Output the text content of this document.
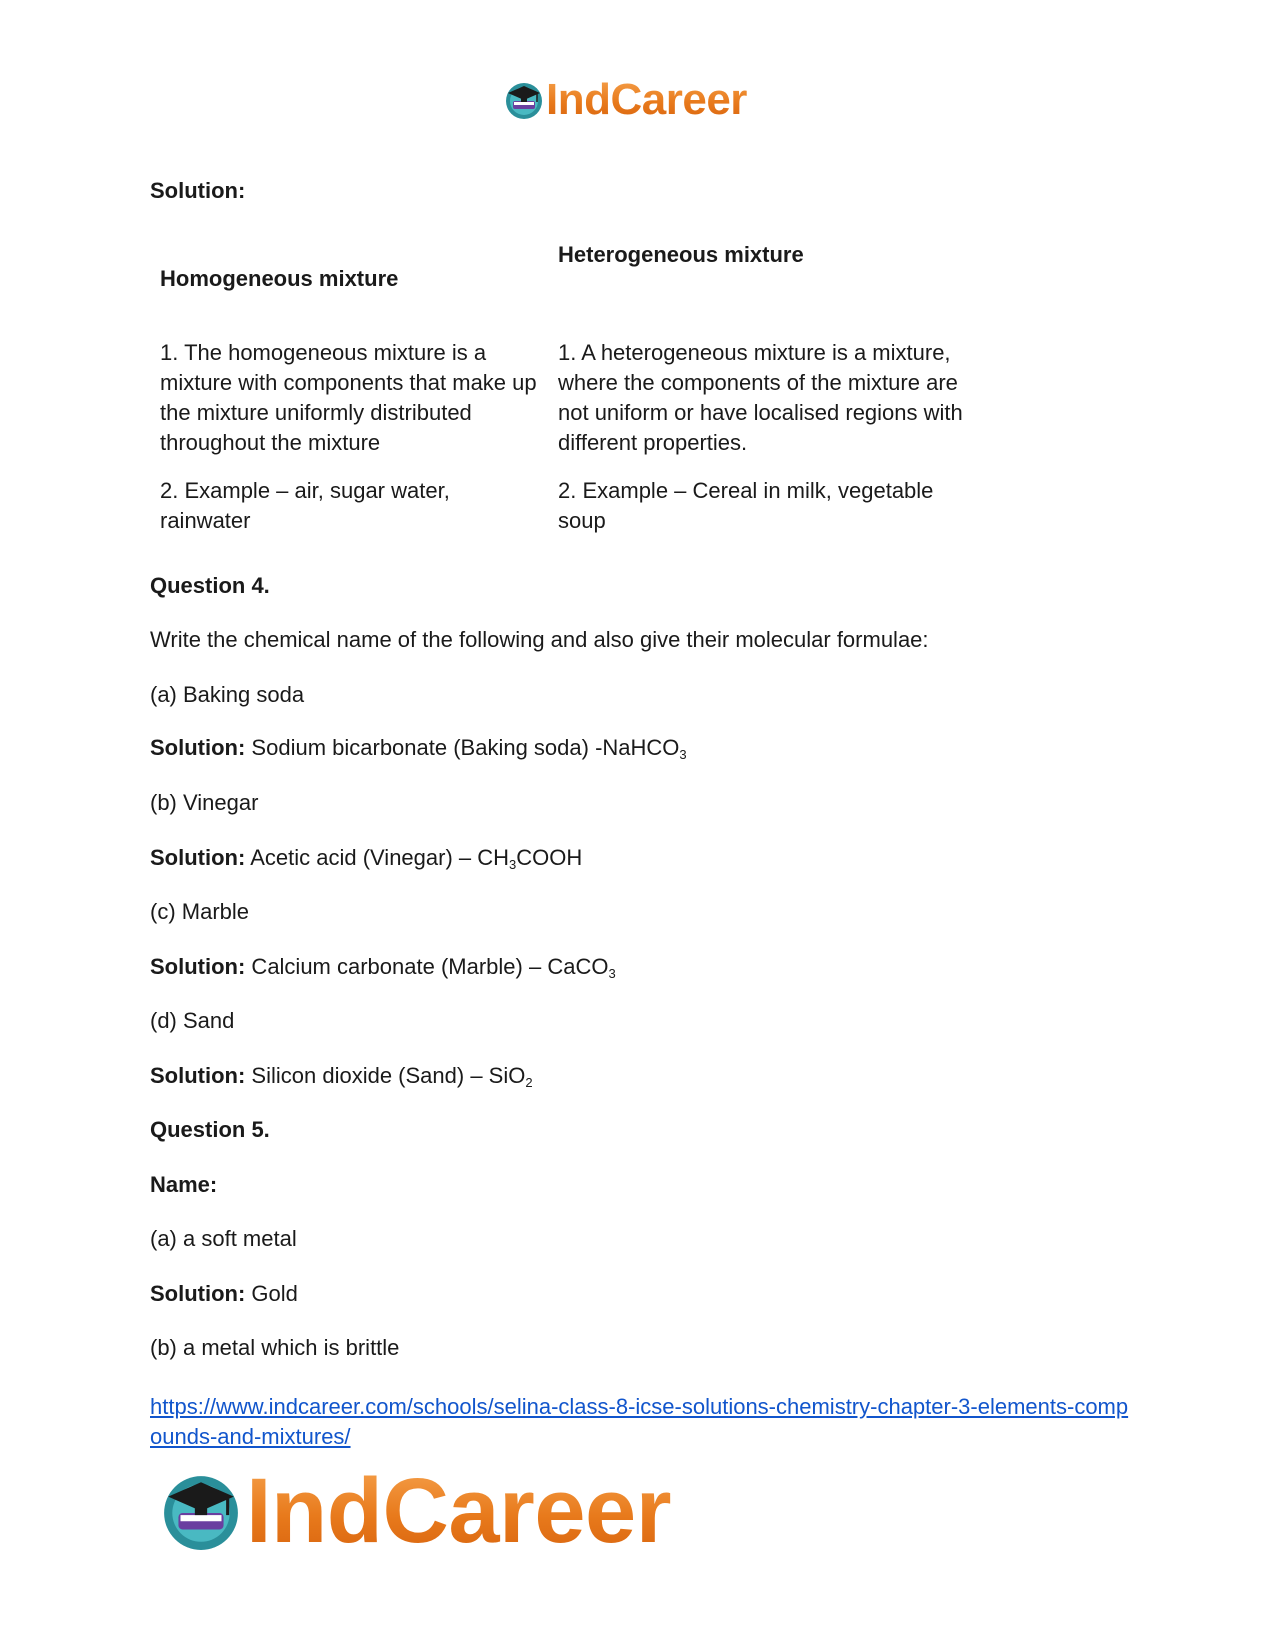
IndCareer

Solution:

Homogeneous mixture

Heterogeneous mixture

1. The homogeneous mixture is a mixture with components that make up the mixture uniformly distributed throughout the mixture

1. A heterogeneous mixture is a mixture, where the components of the mixture are not uniform or have localised regions with different properties.

2. Example – air, sugar water, rainwater

2. Example – Cereal in milk, vegetable soup

Question 4.

Write the chemical name of the following and also give their molecular formulae:

(a) Baking soda

Solution: Sodium bicarbonate (Baking soda) -NaHCO$_3$

(b) Vinegar

Solution: Acetic acid (Vinegar) – $CH_3COOH$

(c) Marble

Solution: Calcium carbonate (Marble) – CaCO$_3$

(d) Sand

Solution: Silicon dioxide (Sand) – SiO$_2$

Question 5.

Name:

(a) a soft metal

Solution: Gold

(b) a metal which is brittle

https://www.indcareer.com/schools/selina-class-8-icse-solutions-chemistry-chapter-3-elements-compounds-and-mixtures/
IndCareer
